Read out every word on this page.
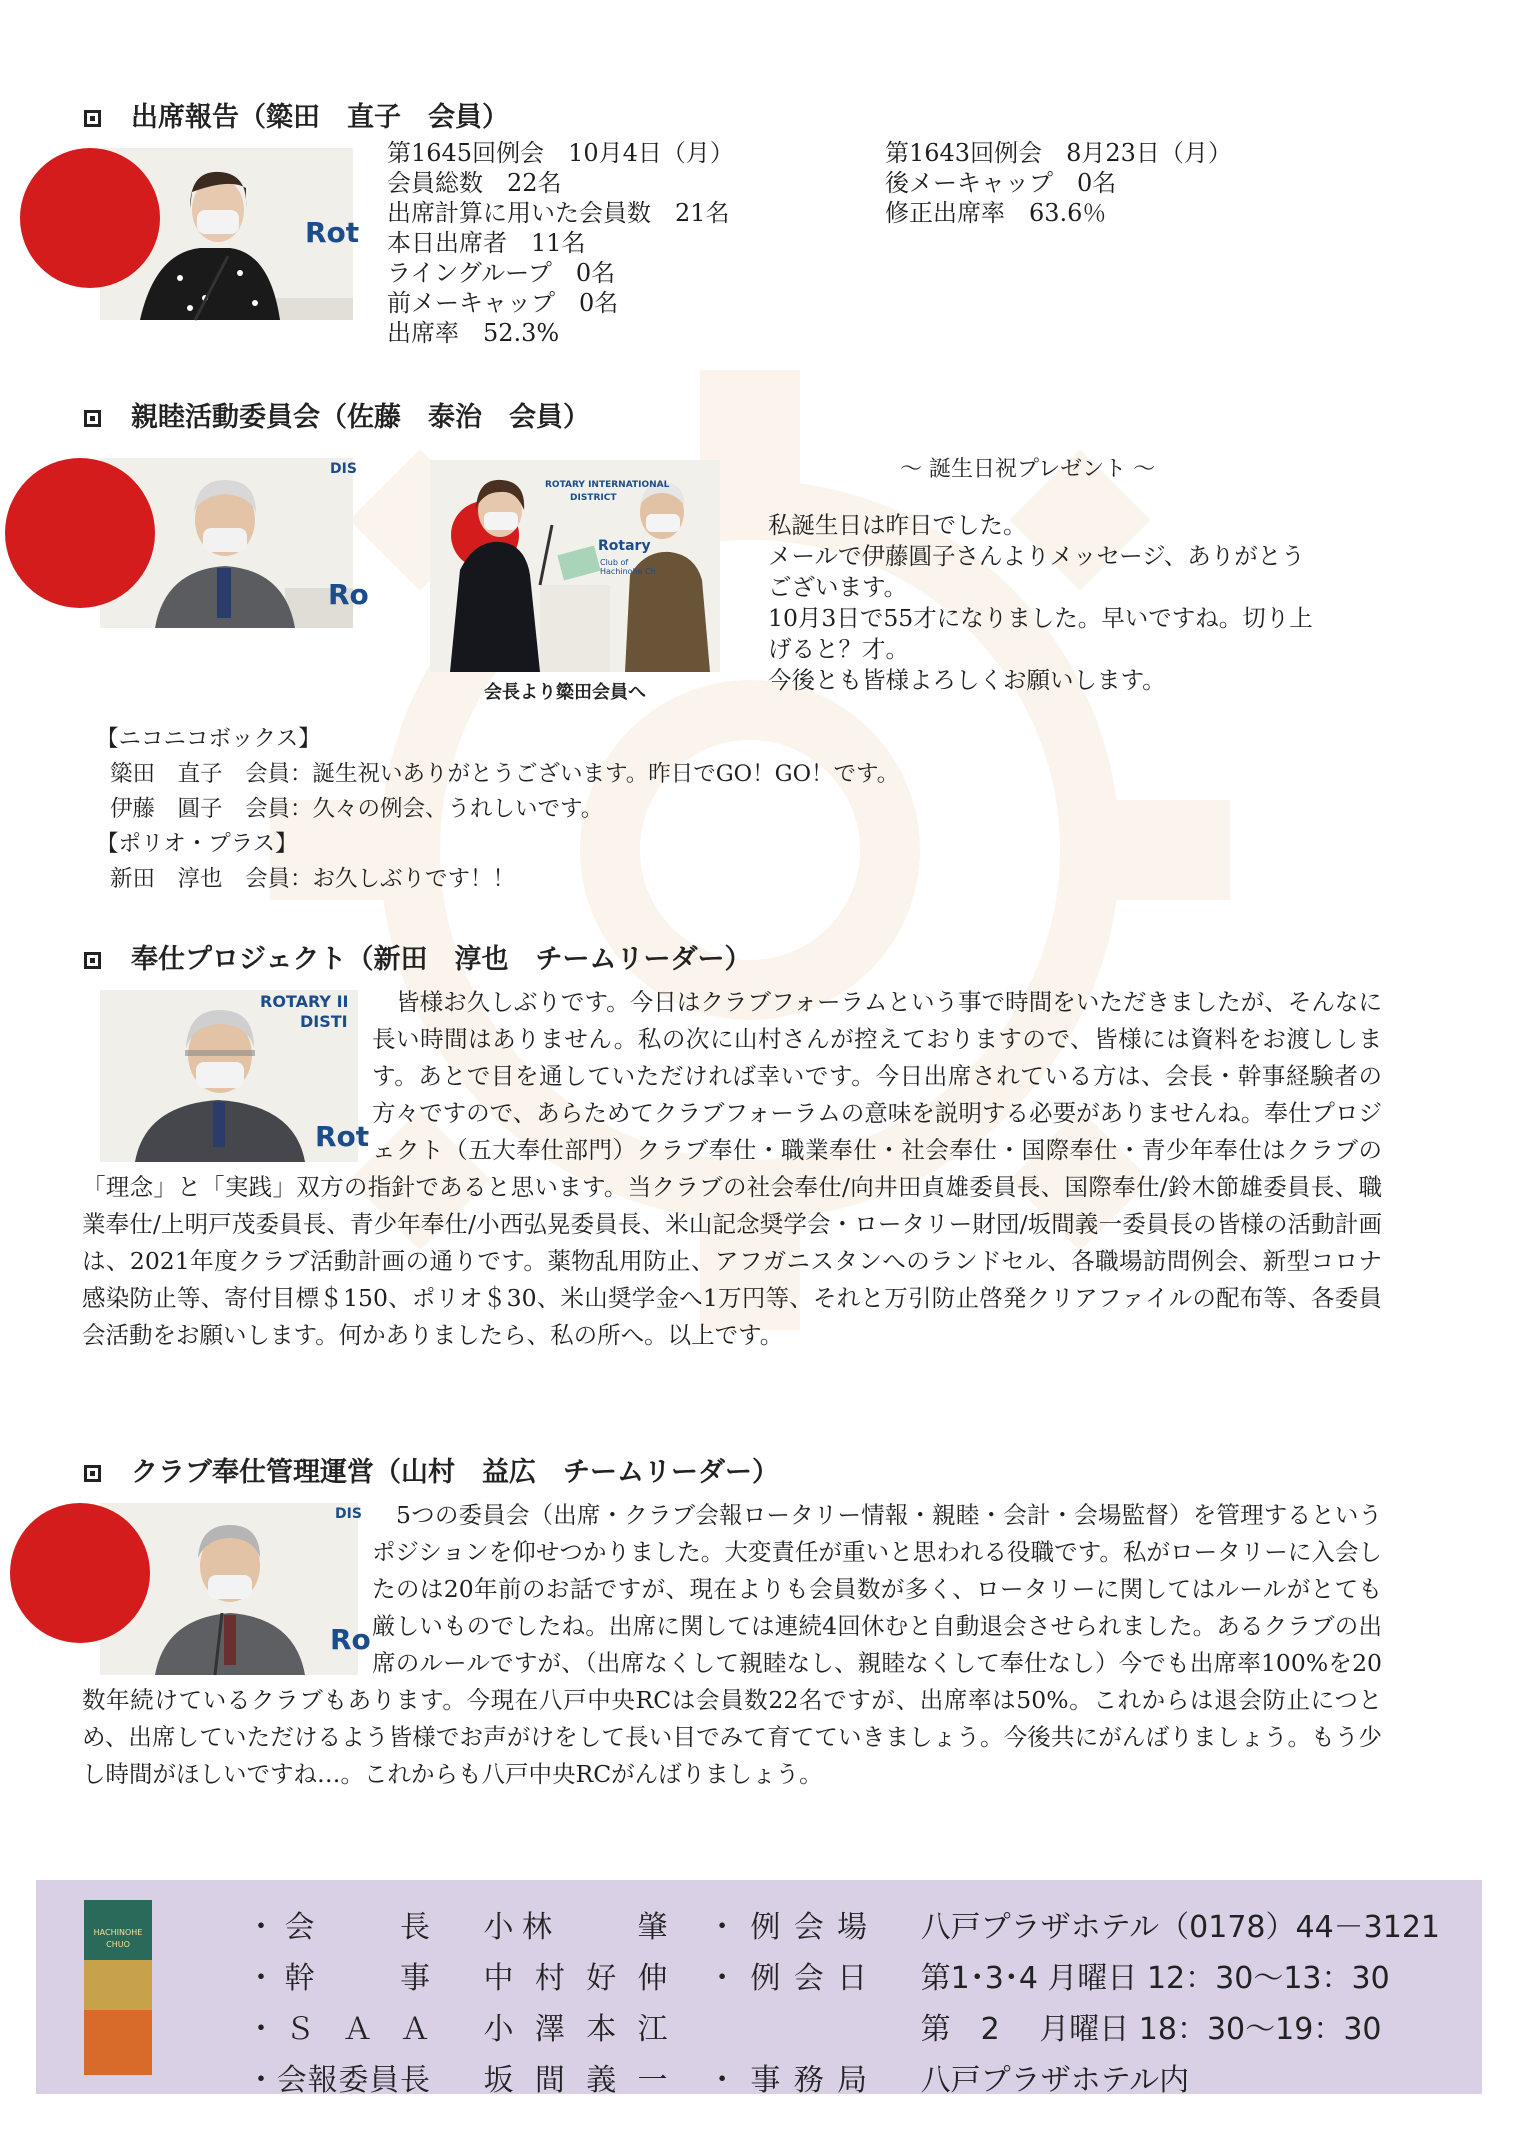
出席報告（簗田　直子　会員）
Rot
第1645回例会　10月4日（月）
会員総数　22名
出席計算に用いた会員数　21名
本日出席者　11名
ライングループ　0名
前メーキャップ　0名
出席率　52.3%
第1643回例会　8月23日（月）
後メーキャップ　0名
修正出席率　63.6％
親睦活動委員会（佐藤　泰治　会員）
DIS
Ro
ROTARY INTERNATIONAL
DISTRICT
Rotary
Club of
Hachinohe Ch
会長より簗田会員へ
〜 誕生日祝プレゼント 〜
私誕生日は昨日でした。
メールで伊藤圓子さんよりメッセージ、ありがとう
ございます。
10月3日で55才になりました。早いですね。切り上
げると？才。
今後とも皆様よろしくお願いします。
【ニコニコボックス】
簗田　直子　会員：誕生祝いありがとうございます。昨日でGO！GO！です。
伊藤　圓子　会員：久々の例会、うれしいです。
【ポリオ・プラス】
新田　淳也　会員：お久しぶりです！！
奉仕プロジェクト（新田　淳也　チームリーダー）
ROTARY II
DISTI
Rot
皆様お久しぶりです。今日はクラブフォーラムという事で時間をいただきましたが、そんなに長い時間はありません。私の次に山村さんが控えておりますので、皆様には資料をお渡しします。あとで目を通していただければ幸いです。今日出席されている方は、会長・幹事経験者の方々ですので、あらためてクラブフォーラムの意味を説明する必要がありませんね。奉仕プロジェクト（五大奉仕部門）クラブ奉仕・職業奉仕・社会奉仕・国際奉仕・青少年奉仕はクラブの「理念」と「実践」双方の指針であると思います。当クラブの社会奉仕/向井田貞雄委員長、国際奉仕/鈴木節雄委員長、職業奉仕/上明戸茂委員長、青少年奉仕/小西弘晃委員長、米山記念奨学会・ロータリー財団/坂間義一委員長の皆様の活動計画は、2021年度クラブ活動計画の通りです。薬物乱用防止、アフガニスタンへのランドセル、各職場訪問例会、新型コロナ感染防止等、寄付目標＄150、ポリオ＄30、米山奨学金へ1万円等、それと万引防止啓発クリアファイルの配布等、各委員会活動をお願いします。何かありましたら、私の所へ。以上です。
クラブ奉仕管理運営（山村　益広　チームリーダー）
DIS
Ro
5つの委員会（出席・クラブ会報ロータリー情報・親睦・会計・会場監督）を管理するというポジションを仰せつかりました。大変責任が重いと思われる役職です。私がロータリーに入会したのは20年前のお話ですが、現在よりも会員数が多く、ロータリーに関してはルールがとても厳しいものでしたね。出席に関しては連続4回休むと自動退会させられました。あるクラブの出席のルールですが、（出席なくして親睦なし、親睦なくして奉仕なし）今でも出席率100%を20数年続けているクラブもあります。今現在八戸中央RCは会員数22名ですが、出席率は50%。これからは退会防止につとめ、出席していただけるよう皆様でお声がけをして長い目でみて育てていきましょう。今後共にがんばりましょう。もう少し時間がほしいですね…。これからも八戸中央RCがんばりましょう。
HACHINOHE
CHUO	・会　　長 小林　　肇 ・例会場 八戸プラザホテル（0178）44－3121
・幹　　事 中村好伸 ・例会日 第1･3･4 月曜日 12：30～13：30
・Ｓ Ａ Ａ 小澤本江	第　2　 月曜日 18：30～19：30
・会報委員長 坂間義一 ・事務局 八戸プラザホテル内
